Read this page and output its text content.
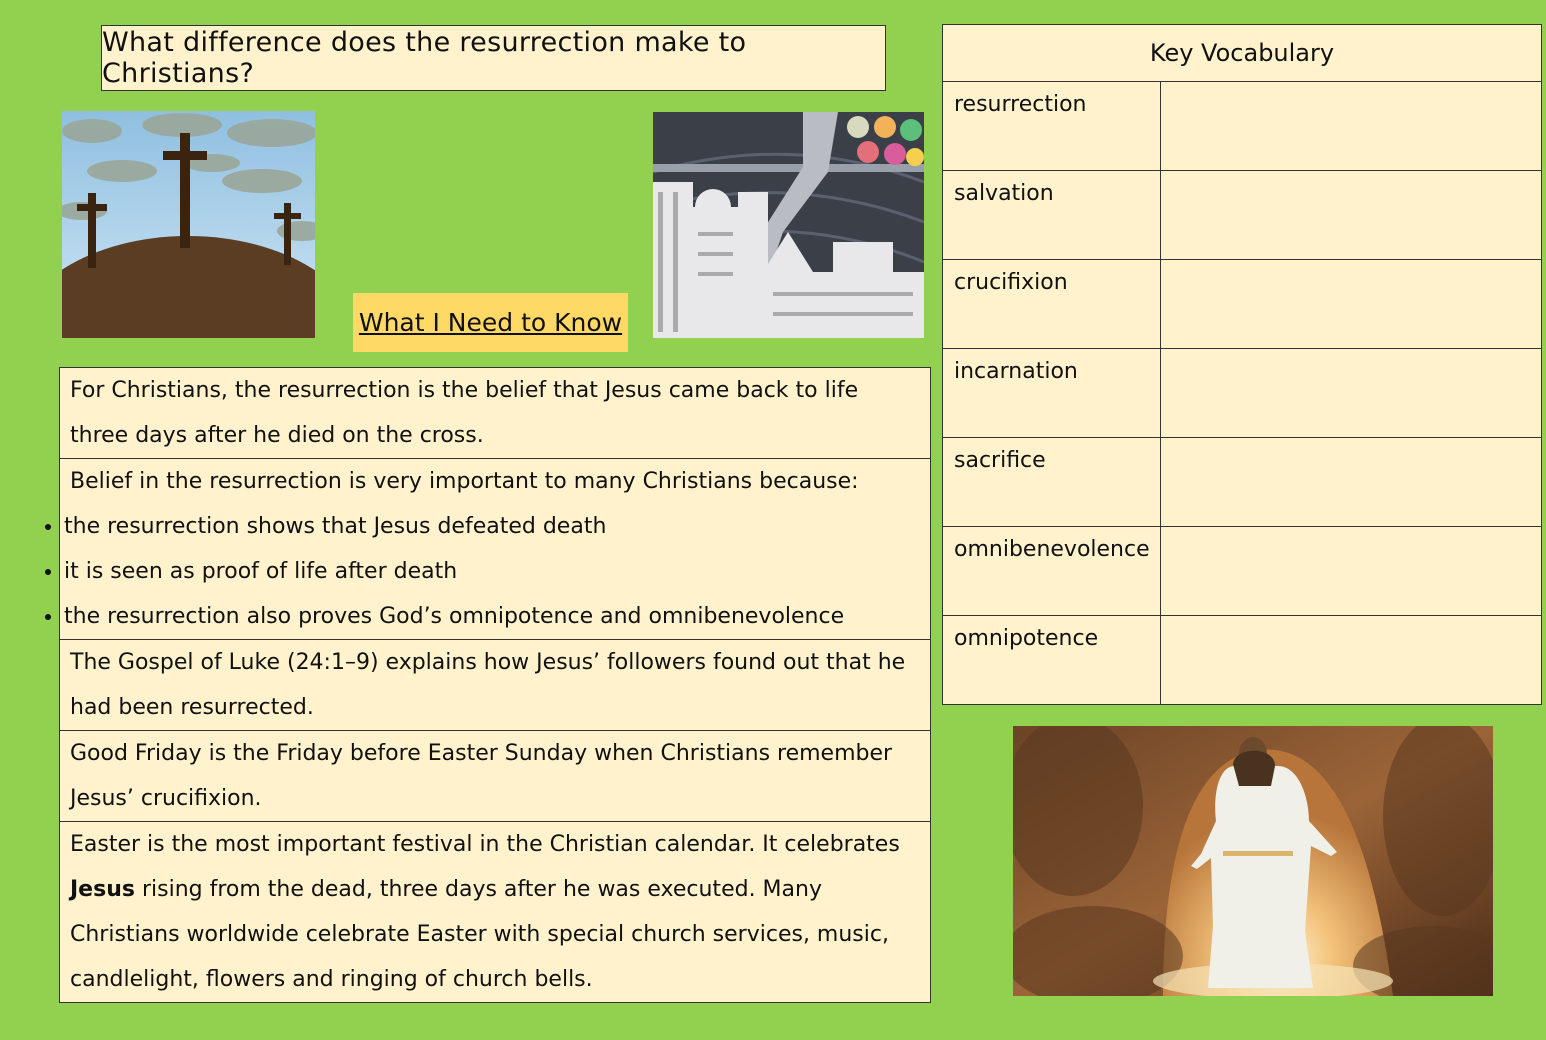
What difference does the resurrection make to Christians?
What I Need to Know
For Christians, the resurrection is the belief that Jesus came back to life three days after he died on the cross.

Belief in the resurrection is very important to many Christians because:
• the resurrection shows that Jesus defeated death
• it is seen as proof of life after death
• the resurrection also proves God’s omnipotence and omnibenevolence

The Gospel of Luke (24:1–9) explains how Jesus’ followers found out that he had been resurrected.
Good Friday is the Friday before Easter Sunday when Christians remember Jesus’ crucifixion.
Easter is the most important festival in the Christian calendar. It celebrates Jesus rising from the dead, three days after he was executed. Many Christians worldwide celebrate Easter with special church services, music, candlelight, flowers and ringing of church bells.
Key Vocabulary	
resurrection	
salvation	
crucifixion	
incarnation	
sacrifice	
omnibenevolence	
omnipotence	
